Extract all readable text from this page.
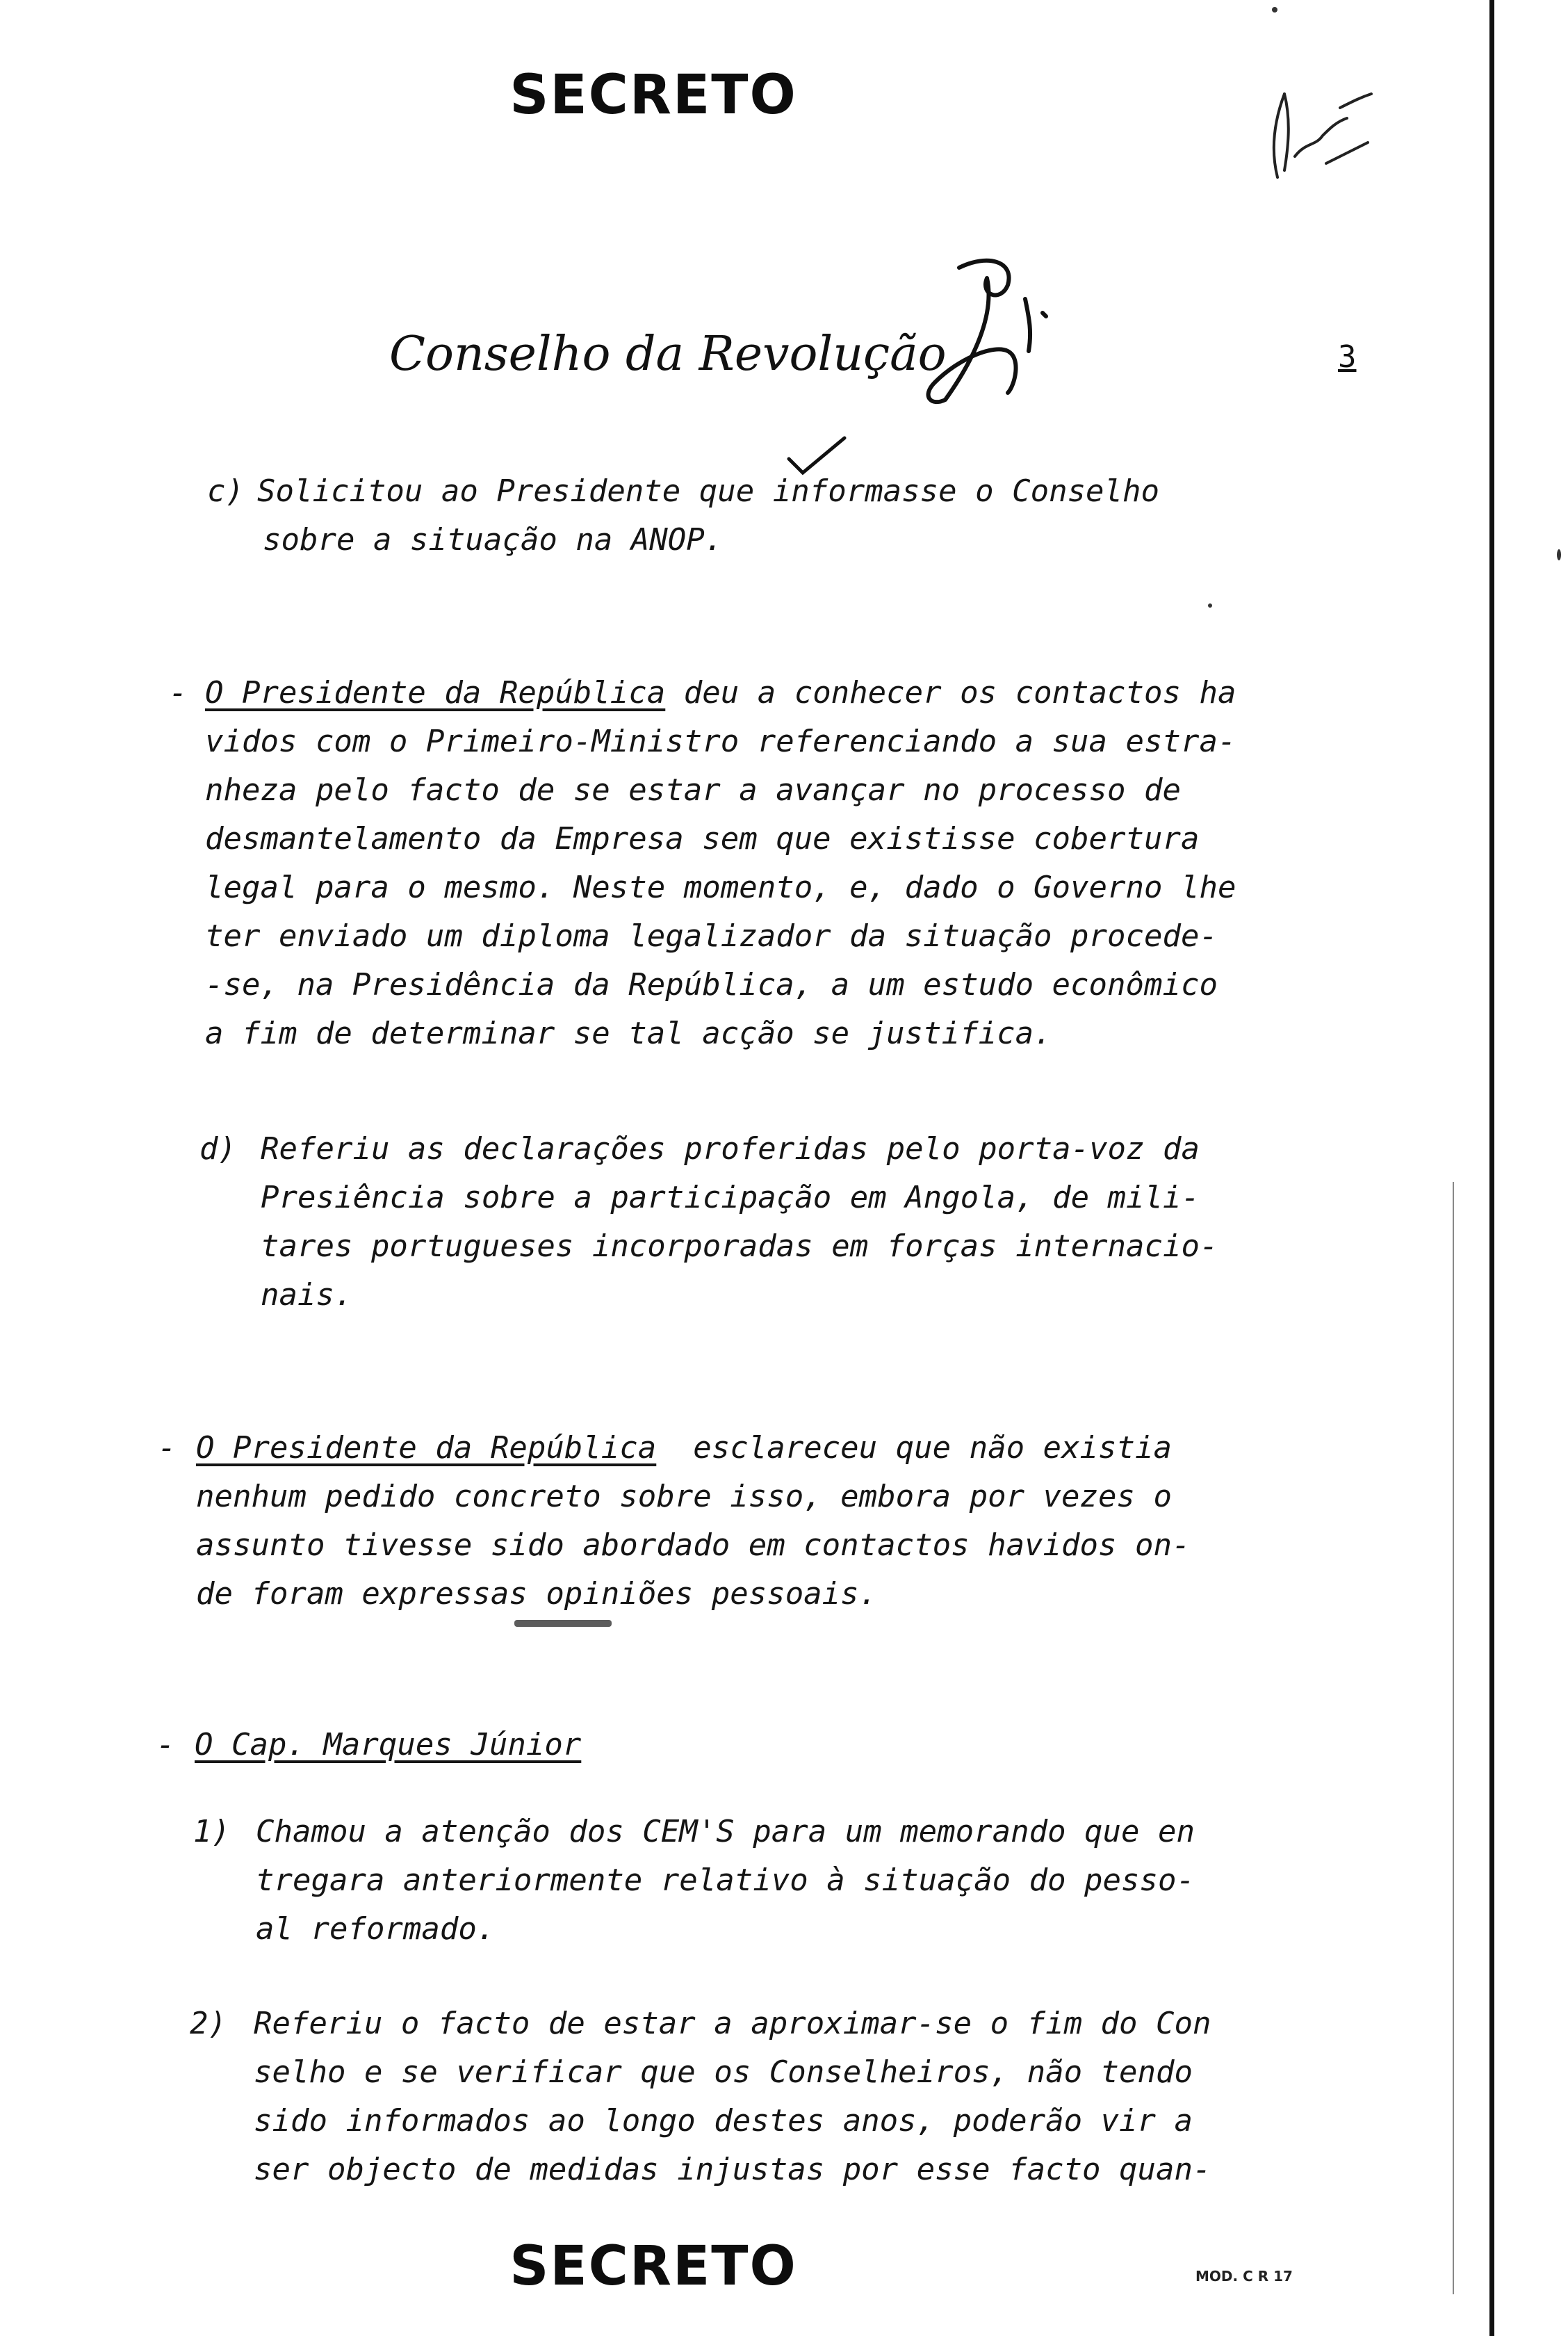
SECRETO
Conselho da Revolução	3
c) Solicitou ao Presidente que informasse o Conselho
sobre a situação na ANOP.
- O Presidente da República deu a conhecer os contactos ha
vidos com o Primeiro-Ministro referenciando a sua estra-
nheza pelo facto de se estar a avançar no processo de
desmantelamento da Empresa sem que existisse cobertura
legal para o mesmo. Neste momento, e, dado o Governo lhe
ter enviado um diploma legalizador da situação procede-
-se, na Presidência da República, a um estudo econômico
a fim de determinar se tal acção se justifica.
d) Referiu as declarações proferidas pelo porta-voz da
Presiência sobre a participação em Angola, de mili-
tares portugueses incorporadas em forças internacio-
nais.
- O Presidente da República  esclareceu que não existia
nenhum pedido concreto sobre isso, embora por vezes o
assunto tivesse sido abordado em contactos havidos on-
de foram expressas opiniões pessoais.
- O Cap. Marques Júnior
1) Chamou a atenção dos CEM'S para um memorando que en
tregara anteriormente relativo à situação do pesso-
al reformado.
2) Referiu o facto de estar a aproximar-se o fim do Con
selho e se verificar que os Conselheiros, não tendo
sido informados ao longo destes anos, poderão vir a
ser objecto de medidas injustas por esse facto quan-
SECRETO	MOD. C R 17
